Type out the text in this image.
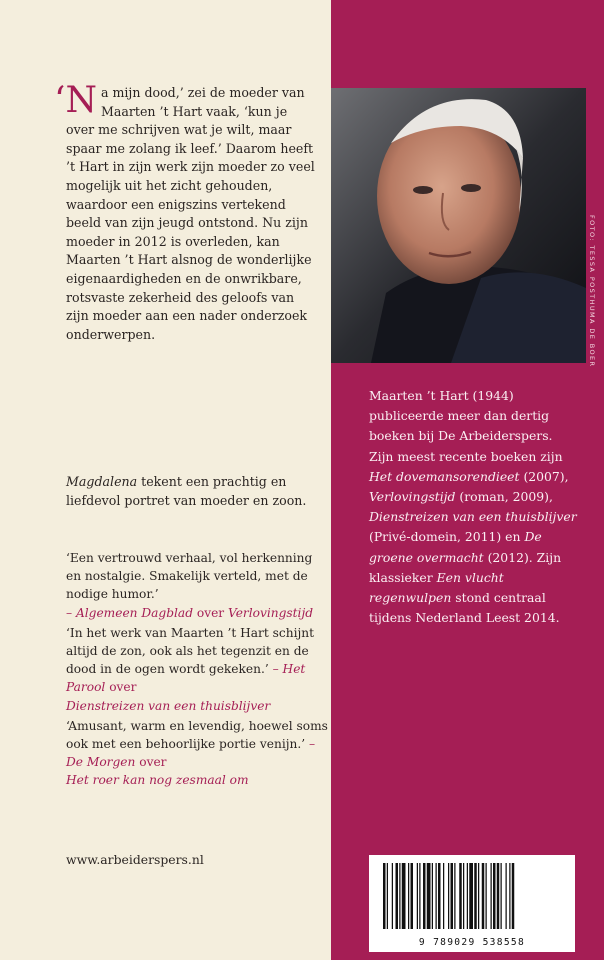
‘Na mijn dood,’ zei de moeder van Maarten ’t Hart vaak, ‘kun je over me schrijven wat je wilt, maar spaar me zolang ik leef.’ Daarom heeft ’t Hart in zijn werk zijn moeder zo veel mogelijk uit het zicht gehouden, waardoor een enigszins vertekend beeld van zijn jeugd ontstond. Nu zijn moeder in 2012 is overleden, kan Maarten ’t Hart alsnog de wonderlijke eigenaardigheden en de onwrikbare, rotsvaste zekerheid des geloofs van zijn moeder aan een nader onderzoek onderwerpen.

Magdalena tekent een prachtig en liefdevol portret van moeder en zoon.
‘Een vertrouwd verhaal, vol herkenning en nostalgie. Smakelijk verteld, met de nodige humor.’
– Algemeen Dagblad over Verlovingstijd
‘In het werk van Maarten ’t Hart schijnt altijd de zon, ook als het tegenzit en de dood in de ogen wordt gekeken.’ – Het Parool over
Dienstreizen van een thuisblijver
‘Amusant, warm en levendig, hoewel soms ook met een behoorlijke portie venijn.’ – De Morgen over
Het roer kan nog zesmaal om
www.arbeiderspers.nl
FOTO: TESSA POSTHUMA DE BOER
Maarten ’t Hart (1944) publiceerde meer dan dertig boeken bij De Arbeiderspers. Zijn meest recente boeken zijn Het dovemansorendieet (2007), Verlovingstijd (roman, 2009), Dienstreizen van een thuisblijver (Privé-domein, 2011) en De groene overmacht (2012). Zijn klassieker Een vlucht regenwulpen stond centraal tijdens Nederland Leest 2014.
9 789029 538558
